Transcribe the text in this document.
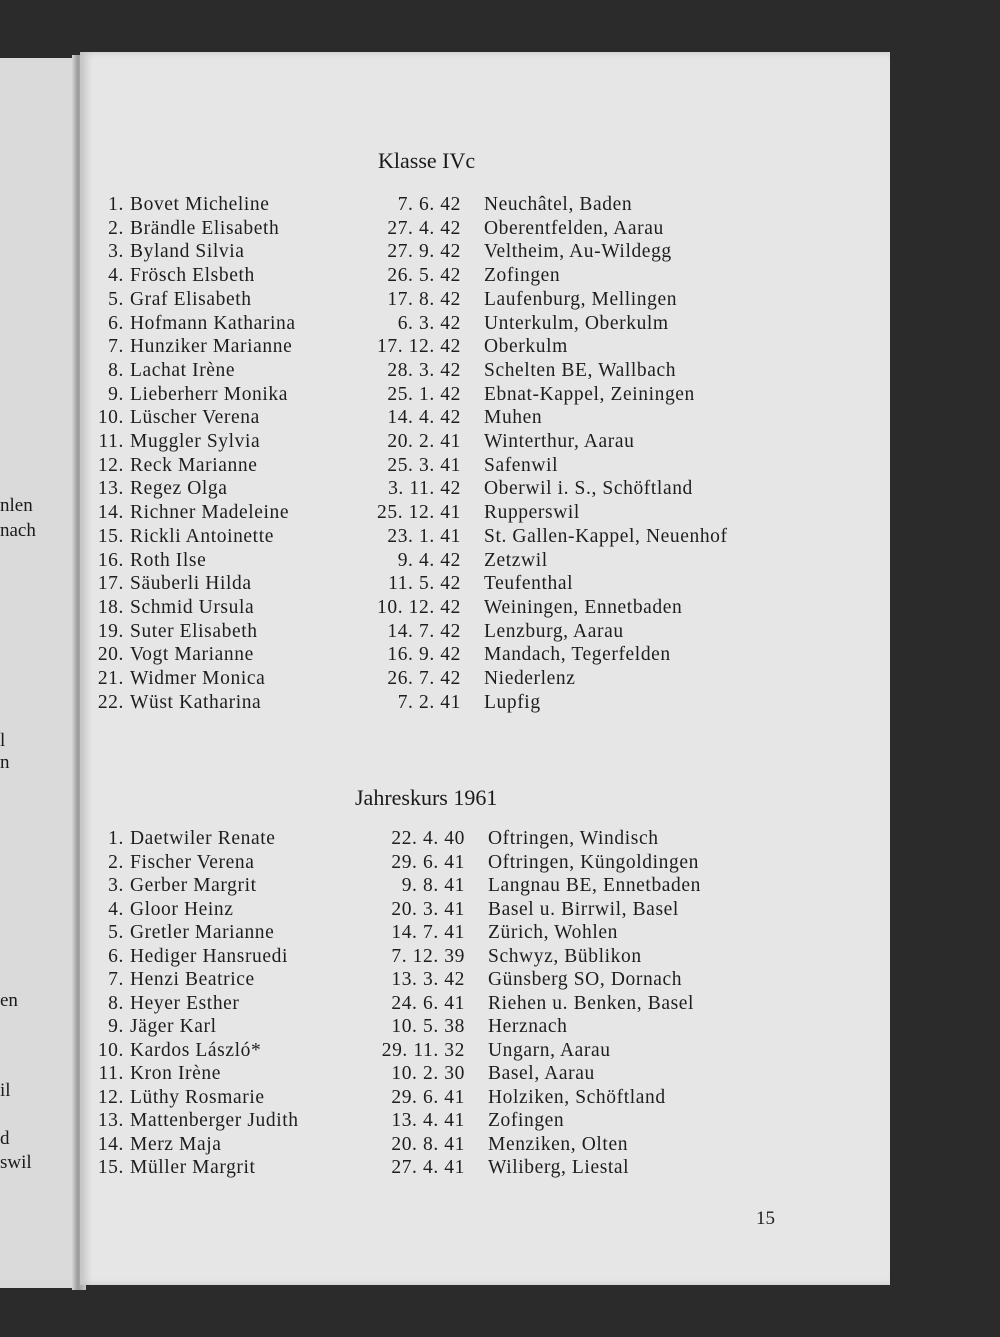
nlen
nach
l
n
en
il
d
swil
Klasse IVc
1. Bovet Micheline	7. 6. 42 Neuchâtel, Baden
2. Brändle Elisabeth	27. 4. 42 Oberentfelden, Aarau
3. Byland Silvia	27. 9. 42 Veltheim, Au-Wildegg
4. Frösch Elsbeth	26. 5. 42 Zofingen
5. Graf Elisabeth	17. 8. 42 Laufenburg, Mellingen
6. Hofmann Katharina	6. 3. 42 Unterkulm, Oberkulm
7. Hunziker Marianne	17. 12. 42 Oberkulm
8. Lachat Irène	28. 3. 42 Schelten BE, Wallbach
9. Lieberherr Monika	25. 1. 42 Ebnat-Kappel, Zeiningen
10. Lüscher Verena	14. 4. 42 Muhen
11. Muggler Sylvia	20. 2. 41 Winterthur, Aarau
12. Reck Marianne	25. 3. 41 Safenwil
13. Regez Olga	3. 11. 42 Oberwil i. S., Schöftland
14. Richner Madeleine	25. 12. 41 Rupperswil
15. Rickli Antoinette	23. 1. 41 St. Gallen-Kappel, Neuenhof
16. Roth Ilse	9. 4. 42 Zetzwil
17. Säuberli Hilda	11. 5. 42 Teufenthal
18. Schmid Ursula	10. 12. 42 Weiningen, Ennetbaden
19. Suter Elisabeth	14. 7. 42 Lenzburg, Aarau
20. Vogt Marianne	16. 9. 42 Mandach, Tegerfelden
21. Widmer Monica	26. 7. 42 Niederlenz
22. Wüst Katharina	7. 2. 41 Lupfig
Jahreskurs 1961
1. Daetwiler Renate	22. 4. 40 Oftringen, Windisch
2. Fischer Verena	29. 6. 41 Oftringen, Küngoldingen
3. Gerber Margrit	9. 8. 41 Langnau BE, Ennetbaden
4. Gloor Heinz	20. 3. 41 Basel u. Birrwil, Basel
5. Gretler Marianne	14. 7. 41 Zürich, Wohlen
6. Hediger Hansruedi	7. 12. 39 Schwyz, Büblikon
7. Henzi Beatrice	13. 3. 42 Günsberg SO, Dornach
8. Heyer Esther	24. 6. 41 Riehen u. Benken, Basel
9. Jäger Karl	10. 5. 38 Herznach
10. Kardos László*	29. 11. 32 Ungarn, Aarau
11. Kron Irène	10. 2. 30 Basel, Aarau
12. Lüthy Rosmarie	29. 6. 41 Holziken, Schöftland
13. Mattenberger Judith	13. 4. 41 Zofingen
14. Merz Maja	20. 8. 41 Menziken, Olten
15. Müller Margrit	27. 4. 41 Wiliberg, Liestal
15
